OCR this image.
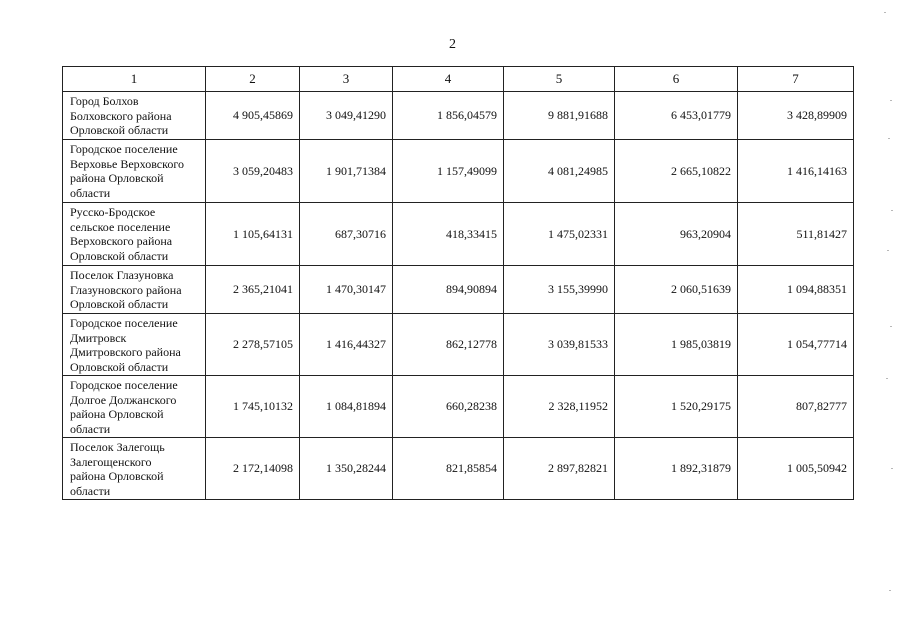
2
1	2	3	4	5	6	7

Город Болхов
Болховского района
Орловской области	4 905,45869	3 049,41290	1 856,04579	9 881,91688	6 453,01779	3 428,89909

Городское поселение
Верховье Верховского
района Орловской
области	3 059,20483	1 901,71384	1 157,49099	4 081,24985	2 665,10822	1 416,14163

Русско-Бродское
сельское поселение
Верховского района
Орловской области	1 105,64131	687,30716	418,33415	1 475,02331	963,20904	511,81427

Поселок Глазуновка
Глазуновского района
Орловской области	2 365,21041	1 470,30147	894,90894	3 155,39990	2 060,51639	1 094,88351

Городское поселение
Дмитровск
Дмитровского района
Орловской области	2 278,57105	1 416,44327	862,12778	3 039,81533	1 985,03819	1 054,77714

Городское поселение
Долгое Должанского
района Орловской
области	1 745,10132	1 084,81894	660,28238	2 328,11952	1 520,29175	807,82777

Поселок Залегощь
Залегощенского
района Орловской
области	2 172,14098	1 350,28244	821,85854	2 897,82821	1 892,31879	1 005,50942
